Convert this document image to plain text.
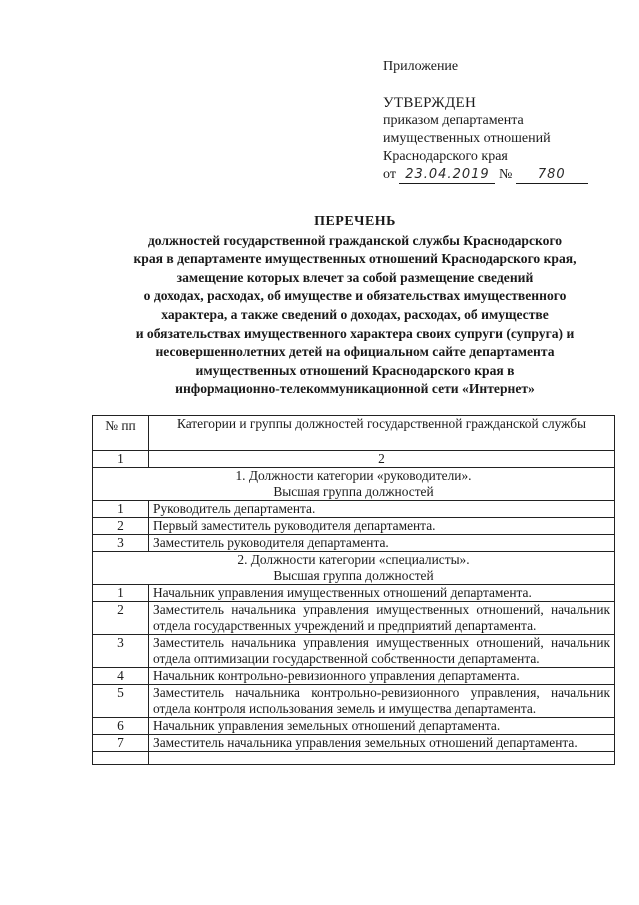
Приложение
УТВЕРЖДЕН
приказом департамента
имущественных отношений
Краснодарского края
от 23.04.2019 № 780
ПЕРЕЧЕНЬ
должностей государственной гражданской службы Краснодарского
края в департаменте имущественных отношений Краснодарского края,
замещение которых влечет за собой размещение сведений
о доходах, расходах, об имуществе и обязательствах имущественного
характера, а также сведений о доходах, расходах, об имуществе
и обязательствах имущественного характера своих супруги (супруга) и
несовершеннолетних детей на официальном сайте департамента
имущественных отношений Краснодарского края в
информационно-телекоммуникационной сети «Интернет»
№ пп	Категории и группы должностей государственной гражданской службы
1	2

1. Должности категории «руководители».
Высшая группа должностей	

1	Руководитель департамента.
2	Первый заместитель руководителя департамента.
3	Заместитель руководителя департамента.

2. Должности категории «специалисты».
Высшая группа должностей	

1	Начальник управления имущественных отношений департамента.
2	Заместитель начальника управления имущественных отношений, начальник отдела государственных учреждений и предприятий департамента.
3	Заместитель начальника управления имущественных отношений, начальник отдела оптимизации государственной собственности департамента.
4	Начальник контрольно-ревизионного управления департамента.
5	Заместитель начальника контрольно-ревизионного управления, начальник отдела контроля использования земель и имущества департамента.
6	Начальник управления земельных отношений департамента.
7	Заместитель начальника управления земельных отношений департамента.
